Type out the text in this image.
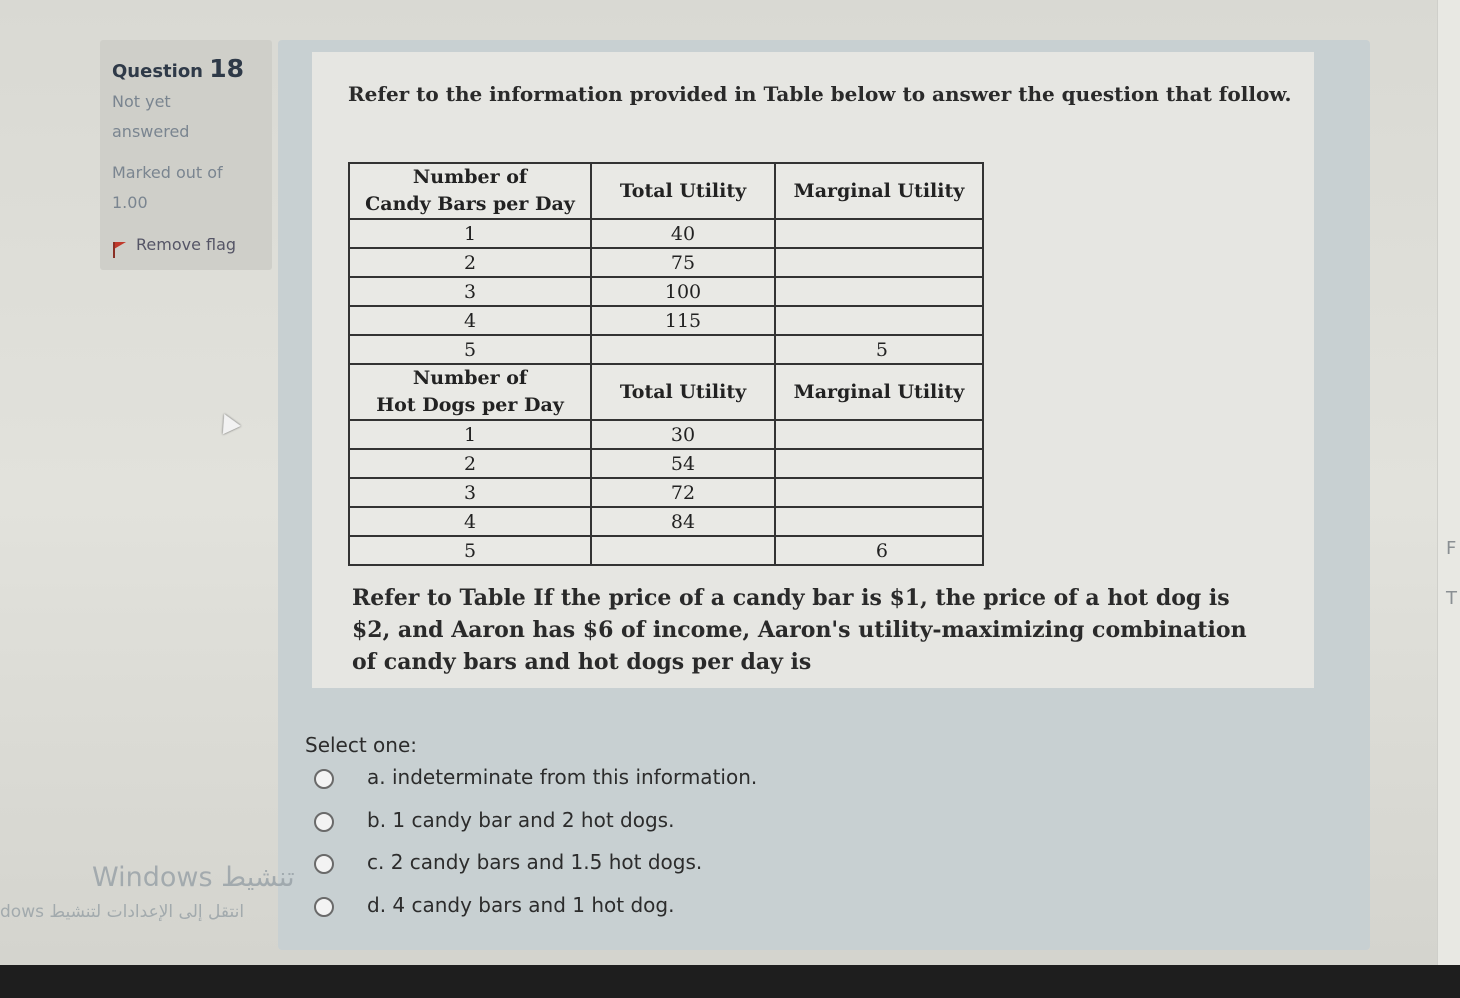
Question 18
Not yet
answered
Marked out of
1.00
Remove flag
Refer to the information provided in Table below to answer the question that follow.
Number of
Candy Bars per Day	Total Utility	Marginal Utility
1	40	
2	75	
3	100	
4	115	
5		5

Number of
Hot Dogs per Day	Total Utility	Marginal Utility
1	30	
2	54	
3	72	
4	84	
5		6
Refer to Table If the price of a candy bar is $1, the price of a hot dog is $2, and Aaron has $6 of income, Aaron's utility-maximizing combination of candy bars and hot dogs per day is
Select one:
a. indeterminate from this information.
b. 1 candy bar and 2 hot dogs.
c. 2 candy bars and 1.5 hot dogs.
d. 4 candy bars and 1 hot dog.
Windows تنشيط
dows انتقل إلى الإعدادات لتنشيط
F
T
